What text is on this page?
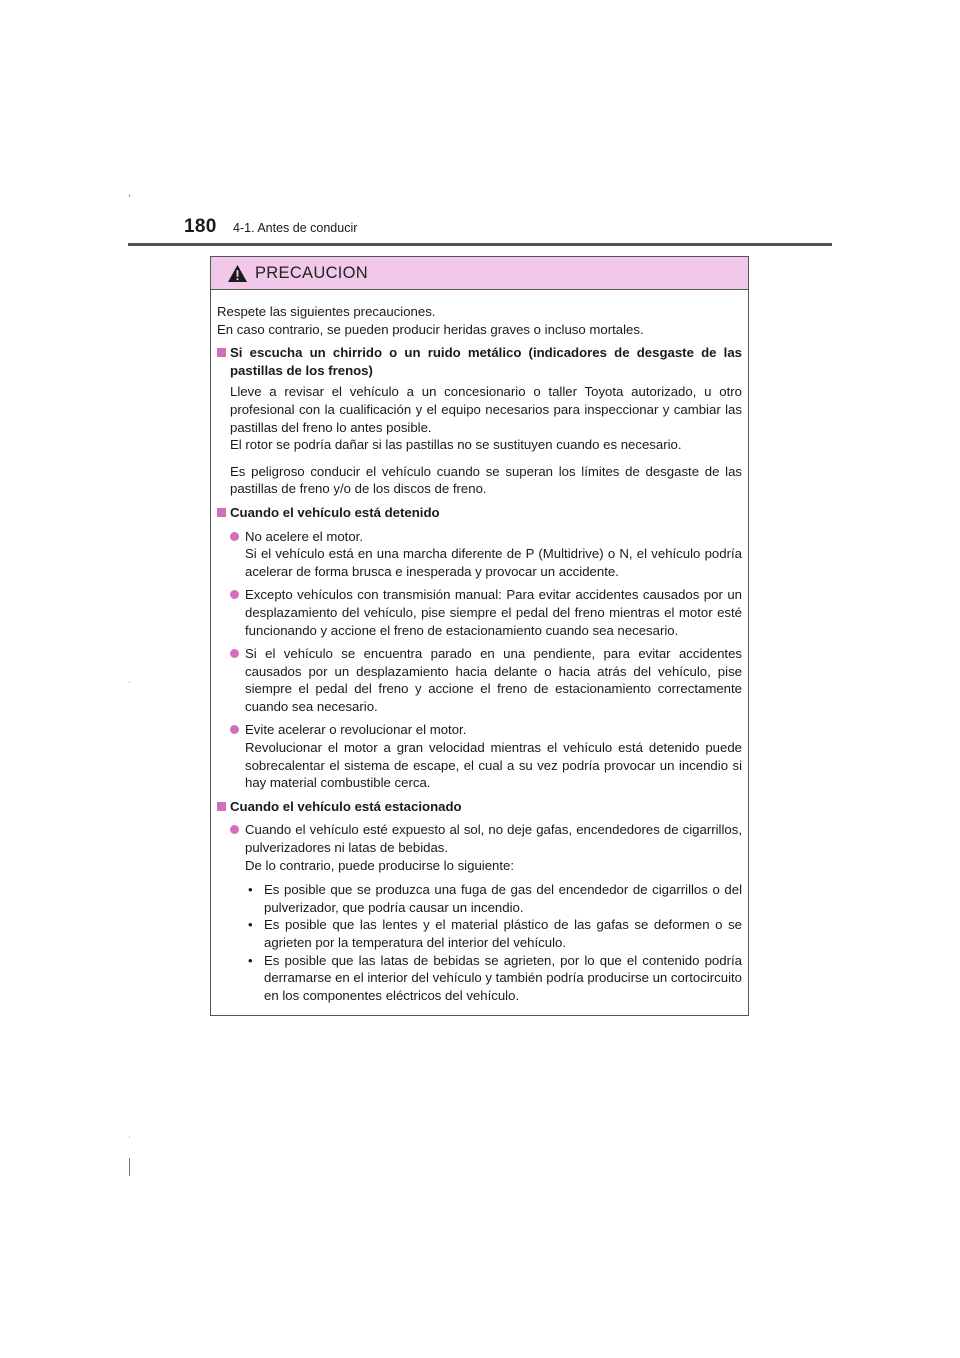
180 4-1. Antes de conducir
PRECAUCION

Respete las siguientes precauciones.

En caso contrario, se pueden producir heridas graves o incluso mortales.

Si escucha un chirrido o un ruido metálico (indicadores de desgaste de las pastillas de los frenos)

Lleve a revisar el vehículo a un concesionario o taller Toyota autorizado, u otro profesional con la cualificación y el equipo necesarios para inspeccionar y cambiar las pastillas del freno lo antes posible.
El rotor se podría dañar si las pastillas no se sustituyen cuando es necesario.

Es peligroso conducir el vehículo cuando se superan los límites de desgaste de las pastillas de freno y/o de los discos de freno.

Cuando el vehículo está detenido
No acelere el motor.
Si el vehículo está en una marcha diferente de P (Multidrive) o N, el vehículo podría acelerar de forma brusca e inesperada y provocar un accidente.
Excepto vehículos con transmisión manual: Para evitar accidentes causados por un desplazamiento del vehículo, pise siempre el pedal del freno mientras el motor esté funcionando y accione el freno de estacionamiento cuando sea necesario.
Si el vehículo se encuentra parado en una pendiente, para evitar accidentes causados por un desplazamiento hacia delante o hacia atrás del vehículo, pise siempre el pedal del freno y accione el freno de estacionamiento correctamente cuando sea necesario.
Evite acelerar o revolucionar el motor.
Revolucionar el motor a gran velocidad mientras el vehículo está detenido puede sobrecalentar el sistema de escape, el cual a su vez podría provocar un incendio si hay material combustible cerca.
Cuando el vehículo está estacionado
Cuando el vehículo esté expuesto al sol, no deje gafas, encendedores de cigarrillos, pulverizadores ni latas de bebidas.
De lo contrario, puede producirse lo siguiente:
• Es posible que se produzca una fuga de gas del encendedor de cigarrillos o del pulverizador, que podría causar un incendio.
• Es posible que las lentes y el material plástico de las gafas se deformen o se agrieten por la temperatura del interior del vehículo.
• Es posible que las latas de bebidas se agrieten, por lo que el contenido podría derramarse en el interior del vehículo y también podría producirse un cortocircuito en los componentes eléctricos del vehículo.
